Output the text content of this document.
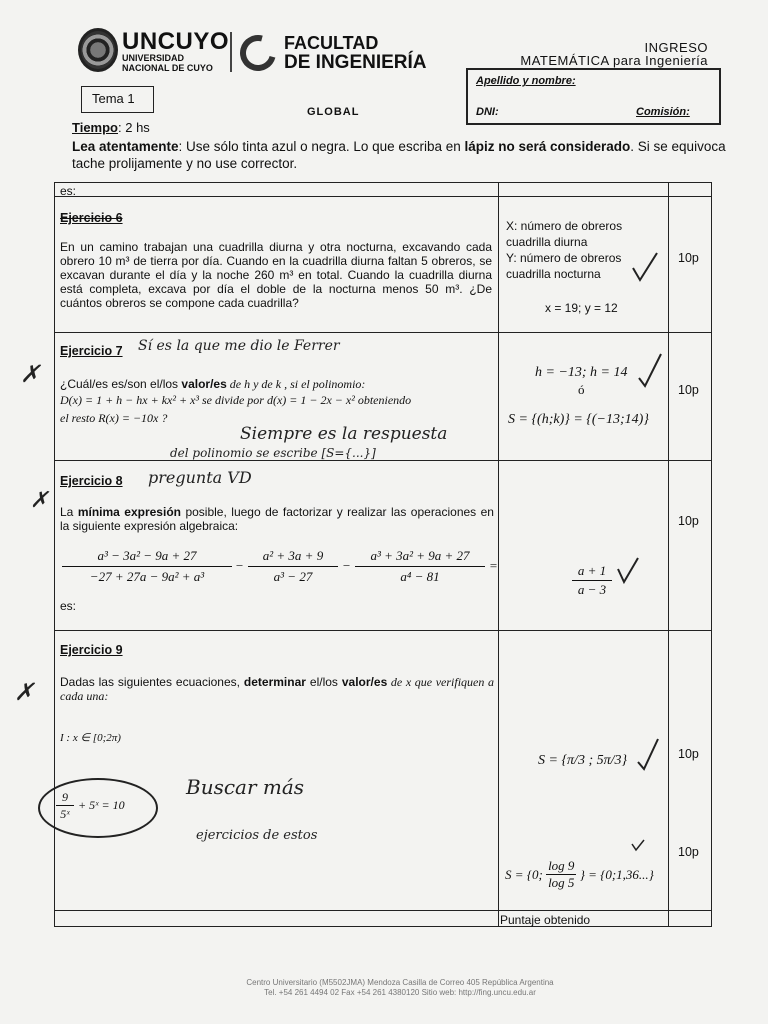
UNCUYO
UNIVERSIDAD
NACIONAL DE CUYO
FACULTAD
DE INGENIERÍA
INGRESO
MATEMÁTICA para Ingeniería
Apellido y nombre:
DNI:	Comisión:
Tema 1
GLOBAL
Tiempo: 2 hs
Lea atentamente: Use sólo tinta azul o negra. Lo que escriba en lápiz no será considerado. Si se equivoca tache prolijamente y no use corrector.
es:
Ejercicio 6
En un camino trabajan una cuadrilla diurna y otra nocturna, excavando cada obrero 10 m³ de tierra por día. Cuando en la cuadrilla diurna faltan 5 obreros, se excavan durante el día y la noche 260 m³ en total. Cuando la cuadrilla diurna está completa, excava por día el doble de la nocturna menos 50 m³. ¿De cuántos obreros se compone cada cuadrilla?
X: número de obreros
cuadrilla diurna
Y: número de obreros
cuadrilla nocturna
x = 19; y = 12
10p
Ejercicio 7 Sí es la que me dio le Ferrer
¿Cuál/es es/son el/los valor/es de h y de k , si el polinomio:
D(x) = 1 + h − hx + kx² + x³ se divide por d(x) = 1 − 2x − x² obteniendo
el resto R(x) = −10x ?
Siempre es la respuesta
del polinomio se escribe [S={...}]
h = −13; h = 14
ó
S = {(h;k)} = {(−13;14)}
10p
✗
Ejercicio 8 pregunta VD
La mínima expresión posible, luego de factorizar y realizar las operaciones en la siguiente expresión algebraica:
a³ − 3a² − 9a + 27
−27 + 27a − 9a² + a³
−
a² + 3a + 9
a³ − 27
−
a³ + 3a² + 9a + 27
a⁴ − 81
=
es:
a + 1
a − 3
10p
✗
Ejercicio 9
Dadas las siguientes ecuaciones, determinar el/los valor/es de x que verifiquen a cada una:
I : x ∈ [0;2π)
9
5ˣ
+ 5ˣ = 10
Buscar más
ejercicios de estos
S = {π/3 ; 5π/3}
S = {0; $\frac{\log 9}{\log 5}$ } = {0;1,36...}
10p
10p
✗
Puntaje obtenido
Centro Universitario (M5502JMA) Mendoza Casilla de Correo 405 República Argentina
Tel. +54 261 4494 02 Fax +54 261 4380120 Sitio web: http://fing.uncu.edu.ar
